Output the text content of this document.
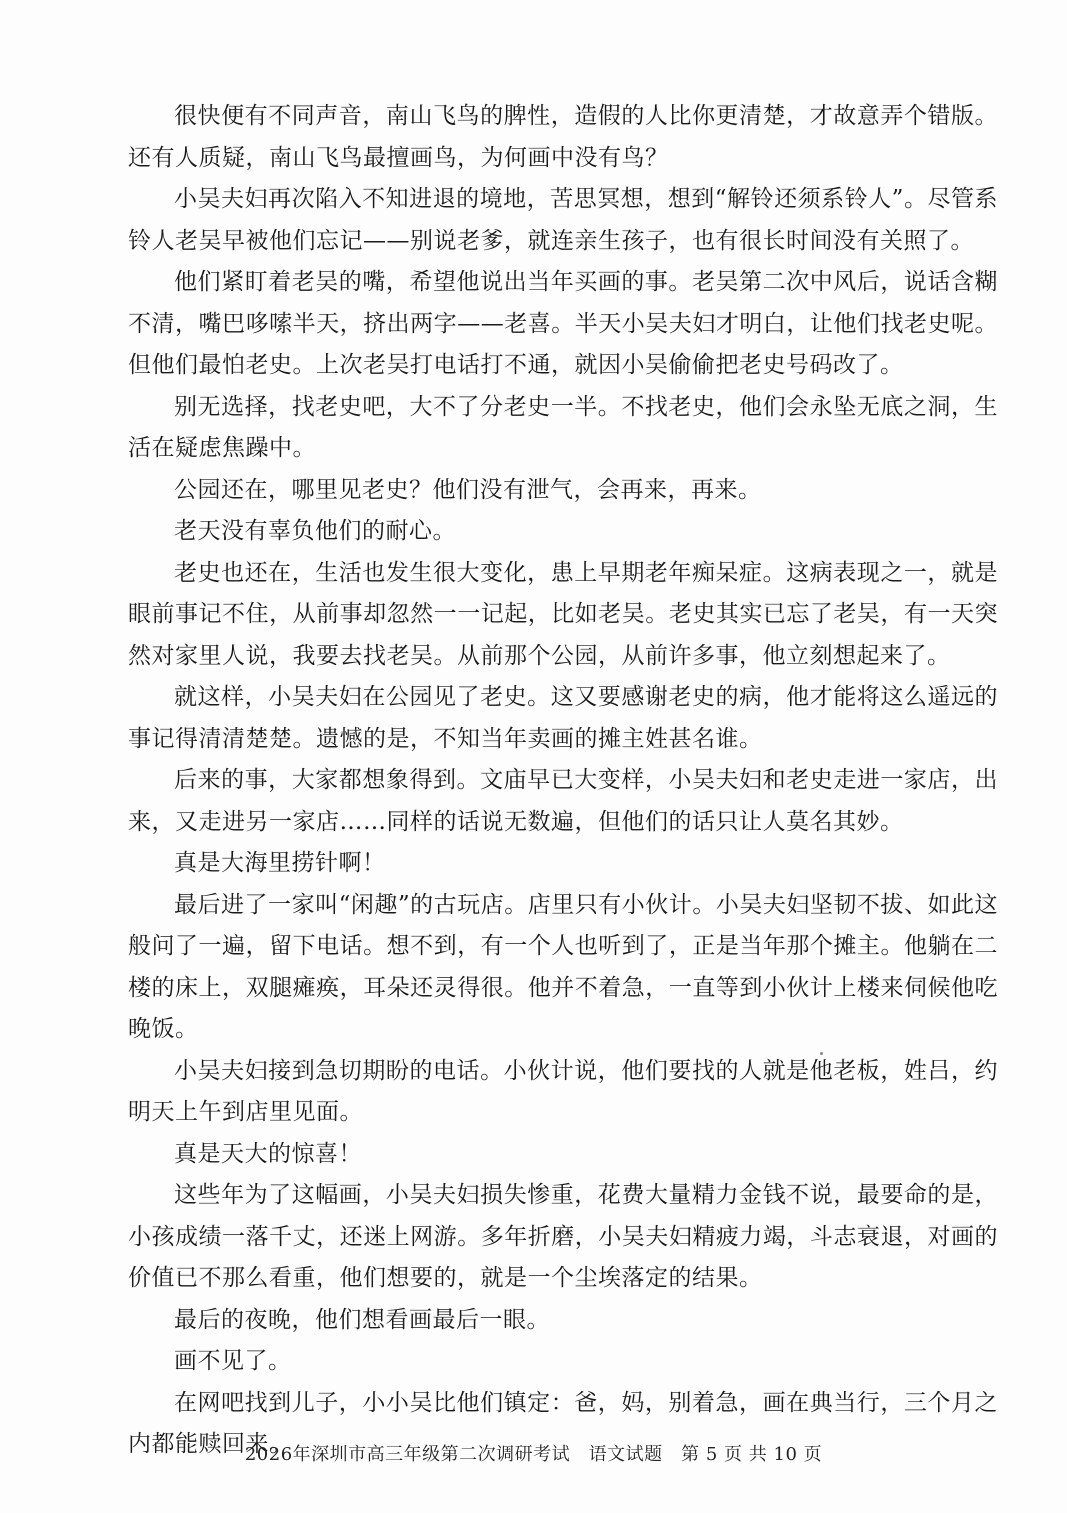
很快便有不同声音，南山飞鸟的脾性，造假的人比你更清楚，才故意弄个错版。还有人质疑，南山飞鸟最擅画鸟，为何画中没有鸟？

小吴夫妇再次陷入不知进退的境地，苦思冥想，想到“解铃还须系铃人”。尽管系铃人老吴早被他们忘记——别说老爹，就连亲生孩子，也有很长时间没有关照了。

他们紧盯着老吴的嘴，希望他说出当年买画的事。老吴第二次中风后，说话含糊不清，嘴巴哆嗦半天，挤出两字——老喜。半天小吴夫妇才明白，让他们找老史呢。但他们最怕老史。上次老吴打电话打不通，就因小吴偷偷把老史号码改了。

别无选择，找老史吧，大不了分老史一半。不找老史，他们会永坠无底之洞，生活在疑虑焦躁中。

公园还在，哪里见老史？他们没有泄气，会再来，再来。

老天没有辜负他们的耐心。

老史也还在，生活也发生很大变化，患上早期老年痴呆症。这病表现之一，就是眼前事记不住，从前事却忽然一一记起，比如老吴。老史其实已忘了老吴，有一天突然对家里人说，我要去找老吴。从前那个公园，从前许多事，他立刻想起来了。

就这样，小吴夫妇在公园见了老史。这又要感谢老史的病，他才能将这么遥远的事记得清清楚楚。遗憾的是，不知当年卖画的摊主姓甚名谁。

后来的事，大家都想象得到。文庙早已大变样，小吴夫妇和老史走进一家店，出来，又走进另一家店……同样的话说无数遍，但他们的话只让人莫名其妙。

真是大海里捞针啊！

最后进了一家叫“闲趣”的古玩店。店里只有小伙计。小吴夫妇坚韧不拔、如此这般问了一遍，留下电话。想不到，有一个人也听到了，正是当年那个摊主。他躺在二楼的床上，双腿瘫痪，耳朵还灵得很。他并不着急，一直等到小伙计上楼来伺候他吃晚饭。

小吴夫妇接到急切期盼的电话。小伙计说，他们要找的人就是他老板，姓吕，约明天上午到店里见面。

真是天大的惊喜！

这些年为了这幅画，小吴夫妇损失惨重，花费大量精力金钱不说，最要命的是，小孩成绩一落千丈，还迷上网游。多年折磨，小吴夫妇精疲力竭，斗志衰退，对画的价值已不那么看重，他们想要的，就是一个尘埃落定的结果。

最后的夜晚，他们想看画最后一眼。

画不见了。

在网吧找到儿子，小小吴比他们镇定：爸，妈，别着急，画在典当行，三个月之内都能赎回来。

2026年深圳市高三年级第二次调研考试　语文试题　第 5 页 共 10 页
